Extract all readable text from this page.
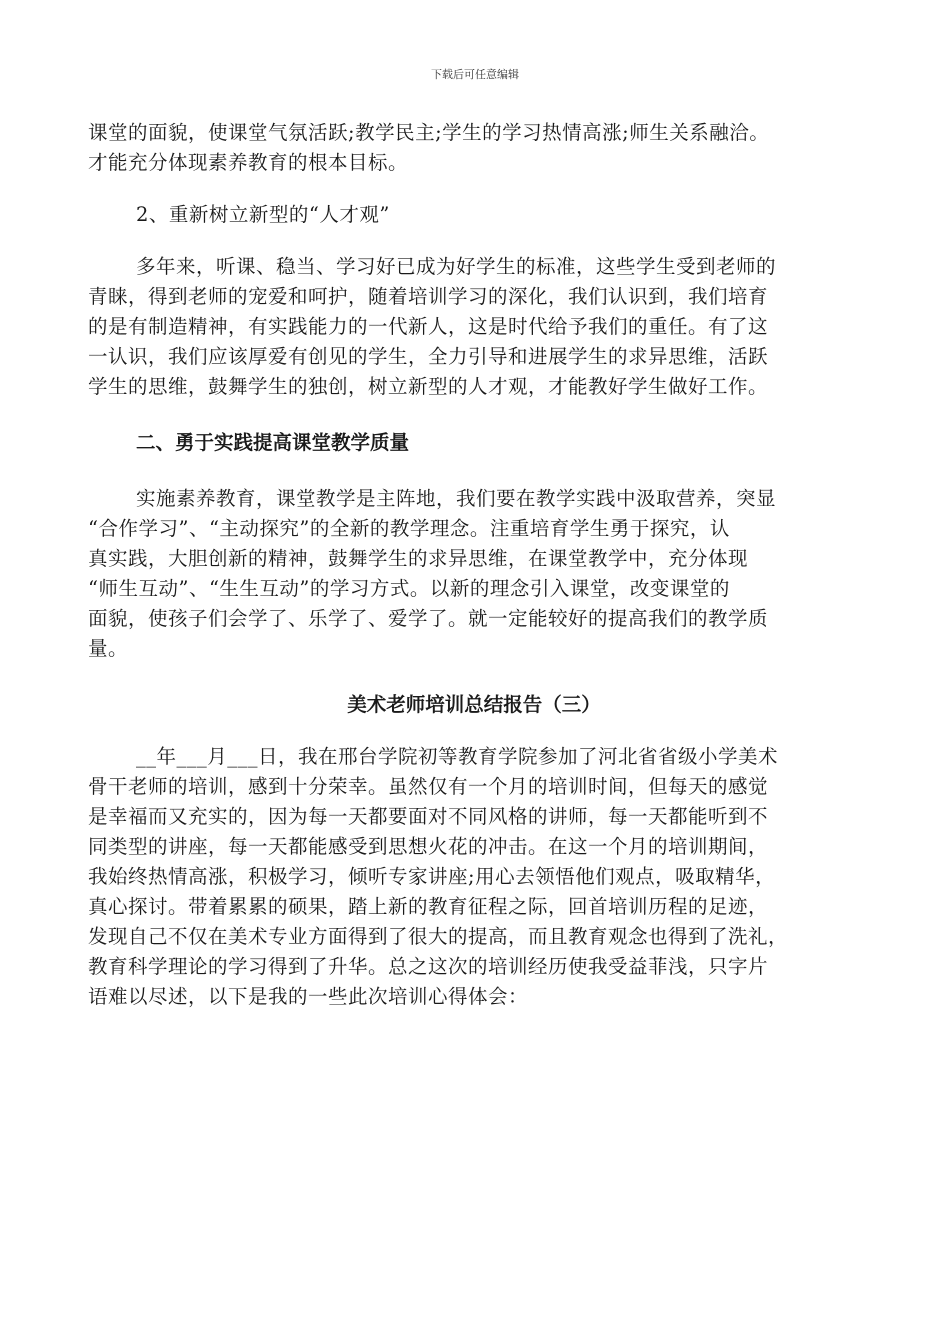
下载后可任意编辑
课堂的面貌，使课堂气氛活跃;教学民主;学生的学习热情高涨;师生关系融洽。
才能充分体现素养教育的根本目标。
2、重新树立新型的“人才观”
多年来，听课、稳当、学习好已成为好学生的标准，这些学生受到老师的
青睐，得到老师的宠爱和呵护，随着培训学习的深化，我们认识到，我们培育
的是有制造精神，有实践能力的一代新人，这是时代给予我们的重任。有了这
一认识，我们应该厚爱有创见的学生，全力引导和进展学生的求异思维，活跃
学生的思维，鼓舞学生的独创，树立新型的人才观，才能教好学生做好工作。
二、勇于实践提高课堂教学质量
实施素养教育，课堂教学是主阵地，我们要在教学实践中汲取营养，突显
“合作学习”、“主动探究”的全新的教学理念。注重培育学生勇于探究，认
真实践，大胆创新的精神，鼓舞学生的求异思维，在课堂教学中，充分体现
“师生互动”、“生生互动”的学习方式。以新的理念引入课堂，改变课堂的
面貌，使孩子们会学了、乐学了、爱学了。就一定能较好的提高我们的教学质
量。
美术老师培训总结报告（三）
__年___月___日，我在邢台学院初等教育学院参加了河北省省级小学美术
骨干老师的培训，感到十分荣幸。虽然仅有一个月的培训时间，但每天的感觉
是幸福而又充实的，因为每一天都要面对不同风格的讲师，每一天都能听到不
同类型的讲座，每一天都能感受到思想火花的冲击。在这一个月的培训期间，
我始终热情高涨，积极学习，倾听专家讲座;用心去领悟他们观点，吸取精华，
真心探讨。带着累累的硕果，踏上新的教育征程之际，回首培训历程的足迹，
发现自己不仅在美术专业方面得到了很大的提高，而且教育观念也得到了洗礼，
教育科学理论的学习得到了升华。总之这次的培训经历使我受益菲浅，只字片
语难以尽述，以下是我的一些此次培训心得体会：
